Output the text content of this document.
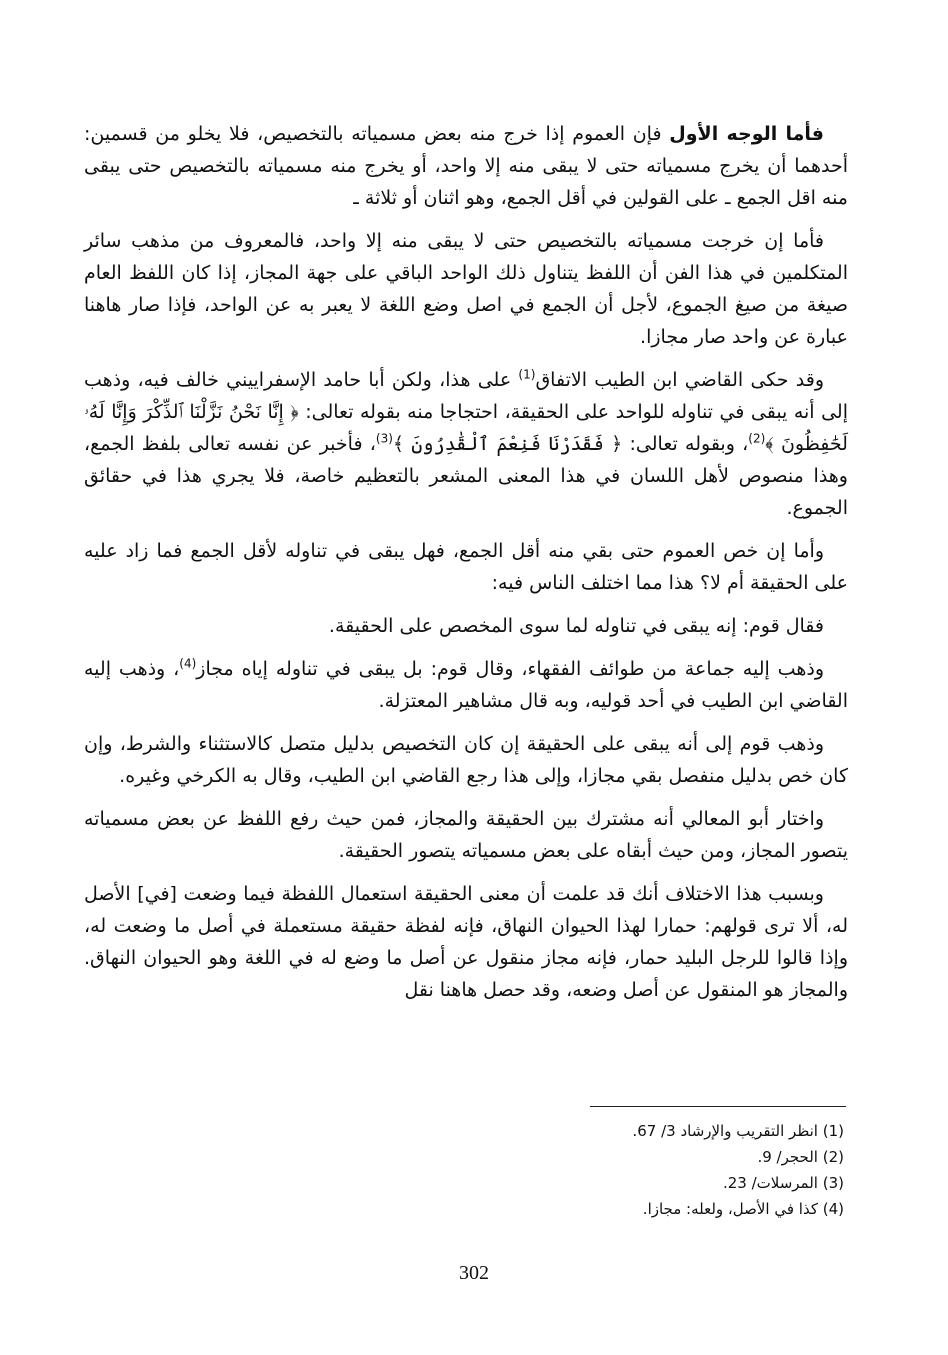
فأما الوجه الأول فإن العموم إذا خرج منه بعض مسمياته بالتخصيص، فلا يخلو من قسمين: أحدهما أن يخرج مسمياته حتى لا يبقى منه إلا واحد، أو يخرج منه مسمياته بالتخصيص حتى يبقى منه اقل الجمع ـ على القولين في أقل الجمع، وهو اثنان أو ثلاثة ـ

فأما إن خرجت مسمياته بالتخصيص حتى لا يبقى منه إلا واحد، فالمعروف من مذهب سائر المتكلمين في هذا الفن أن اللفظ يتناول ذلك الواحد الباقي على جهة المجاز، إذا كان اللفظ العام صيغة من صيغ الجموع، لأجل أن الجمع في اصل وضع اللغة لا يعبر به عن الواحد، فإذا صار هاهنا عبارة عن واحد صار مجازا.

وقد حكى القاضي ابن الطيب الاتفاق$^{(1)}$ على هذا، ولكن أبا حامد الإسفراييني خالف فيه، وذهب إلى أنه يبقى في تناوله للواحد على الحقيقة، احتجاجا منه بقوله تعالى: ﴿ إِنَّا نَحْنُ نَزَّلْنَا ٱلذِّكْرَ وَإِنَّا لَهُۥ لَحَٰفِظُونَ ﴾$^{(2)}$، وبقوله تعالى: ﴿ فَقَدَرْنَا فَنِعْمَ ٱلْقَٰدِرُونَ ﴾$^{(3)}$، فأخبر عن نفسه تعالى بلفظ الجمع، وهذا منصوص لأهل اللسان في هذا المعنى المشعر بالتعظيم خاصة، فلا يجري هذا في حقائق الجموع.

وأما إن خص العموم حتى بقي منه أقل الجمع، فهل يبقى في تناوله لأقل الجمع فما زاد عليه على الحقيقة أم لا؟ هذا مما اختلف الناس فيه:

فقال قوم: إنه يبقى في تناوله لما سوى المخصص على الحقيقة.

وذهب إليه جماعة من طوائف الفقهاء، وقال قوم: بل يبقى في تناوله إياه مجاز$^{(4)}$، وذهب إليه القاضي ابن الطيب في أحد قوليه، وبه قال مشاهير المعتزلة.

وذهب قوم إلى أنه يبقى على الحقيقة إن كان التخصيص بدليل متصل كالاستثناء والشرط، وإن كان خص بدليل منفصل بقي مجازا، وإلى هذا رجع القاضي ابن الطيب، وقال به الكرخي وغيره.

واختار أبو المعالي أنه مشترك بين الحقيقة والمجاز، فمن حيث رفع اللفظ عن بعض مسمياته يتصور المجاز، ومن حيث أبقاه على بعض مسمياته يتصور الحقيقة.

وبسبب هذا الاختلاف أنك قد علمت أن معنى الحقيقة استعمال اللفظة فيما وضعت [في] الأصل له، ألا ترى قولهم: حمارا لهذا الحيوان النهاق، فإنه لفظة حقيقة مستعملة في أصل ما وضعت له، وإذا قالوا للرجل البليد حمار، فإنه مجاز منقول عن أصل ما وضع له في اللغة وهو الحيوان النهاق. والمجاز هو المنقول عن أصل وضعه، وقد حصل هاهنا نقل

(1) انظر التقريب والإرشاد 3/ 67.

(2) الحجر/ 9.

(3) المرسلات/ 23.

(4) كذا في الأصل، ولعله: مجازا.

302
